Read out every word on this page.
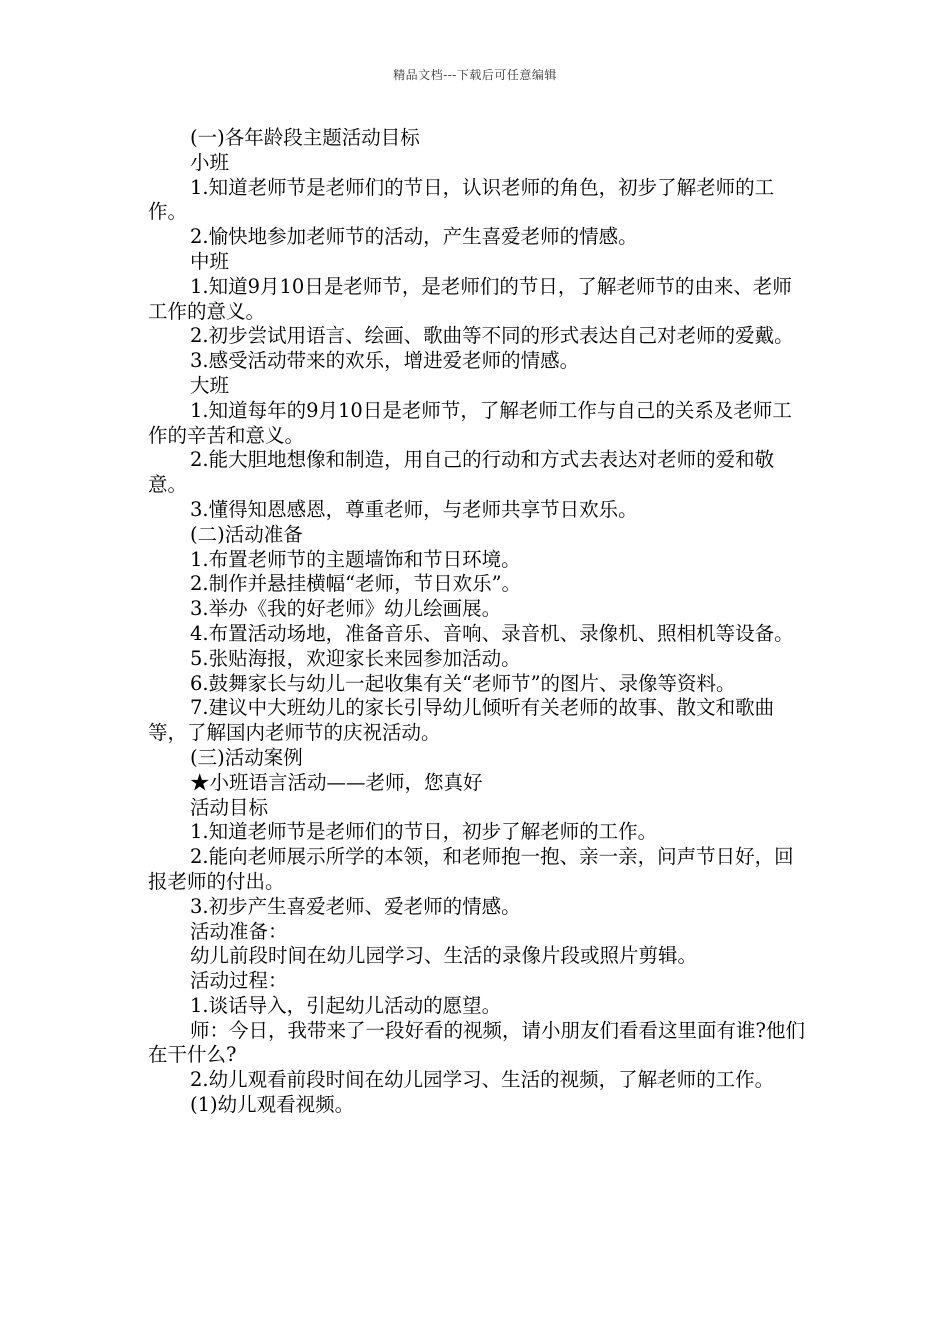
精品文档---下载后可任意编辑

(一)各年龄段主题活动目标

小班

1.知道老师节是老师们的节日，认识老师的角色，初步了解老师的工作。

2.愉快地参加老师节的活动，产生喜爱老师的情感。

中班

1.知道9月10日是老师节，是老师们的节日，了解老师节的由来、老师工作的意义。

2.初步尝试用语言、绘画、歌曲等不同的形式表达自己对老师的爱戴。

3.感受活动带来的欢乐，增进爱老师的情感。

大班

1.知道每年的9月10日是老师节，了解老师工作与自己的关系及老师工作的辛苦和意义。

2.能大胆地想像和制造，用自己的行动和方式去表达对老师的爱和敬意。

3.懂得知恩感恩，尊重老师，与老师共享节日欢乐。

(二)活动准备

1.布置老师节的主题墙饰和节日环境。

2.制作并悬挂横幅“老师，节日欢乐”。

3.举办《我的好老师》幼儿绘画展。

4.布置活动场地，准备音乐、音响、录音机、录像机、照相机等设备。

5.张贴海报，欢迎家长来园参加活动。

6.鼓舞家长与幼儿一起收集有关“老师节”的图片、录像等资料。

7.建议中大班幼儿的家长引导幼儿倾听有关老师的故事、散文和歌曲等，了解国内老师节的庆祝活动。

(三)活动案例

★小班语言活动——老师，您真好

活动目标

1.知道老师节是老师们的节日，初步了解老师的工作。

2.能向老师展示所学的本领，和老师抱一抱、亲一亲，问声节日好，回报老师的付出。

3.初步产生喜爱老师、爱老师的情感。

活动准备：

幼儿前段时间在幼儿园学习、生活的录像片段或照片剪辑。

活动过程：

1.谈话导入，引起幼儿活动的愿望。

师：今日，我带来了一段好看的视频，请小朋友们看看这里面有谁?他们在干什么?

2.幼儿观看前段时间在幼儿园学习、生活的视频，了解老师的工作。

(1)幼儿观看视频。
